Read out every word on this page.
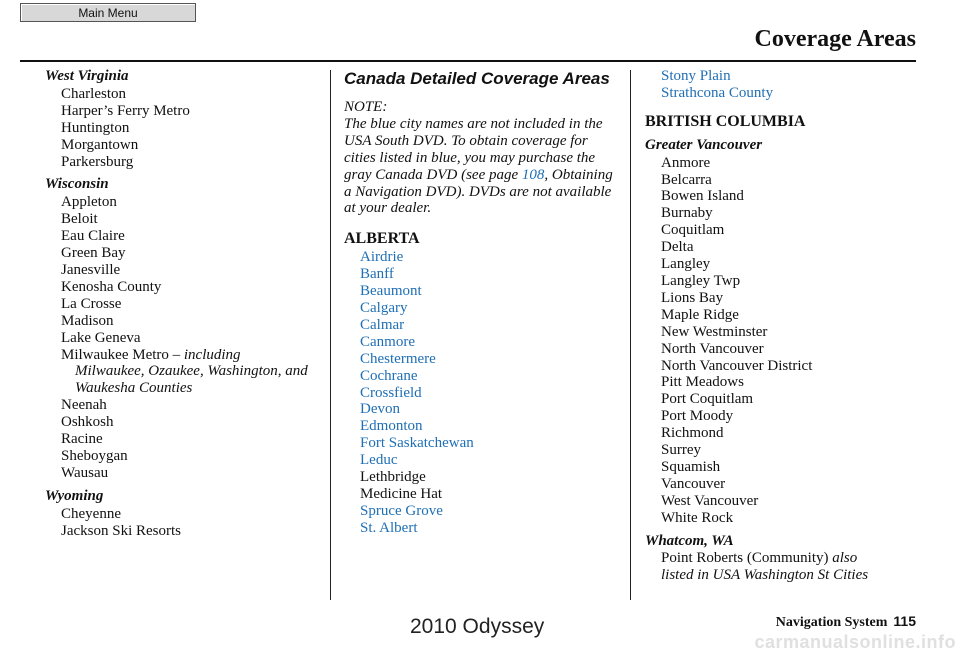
Main Menu
Coverage Areas
West Virginia
Charleston
Harper’s Ferry Metro
Huntington
Morgantown
Parkersburg
Wisconsin
Appleton
Beloit
Eau Claire
Green Bay
Janesville
Kenosha County
La Crosse
Madison
Lake Geneva
Milwaukee Metro – including
Milwaukee, Ozaukee, Washington, and Waukesha Counties
Neenah
Oshkosh
Racine
Sheboygan
Wausau
Wyoming
Cheyenne
Jackson Ski Resorts
Canada Detailed Coverage Areas
NOTE:
The blue city names are not included in the USA South DVD. To obtain coverage for cities listed in blue, you may purchase the gray Canada DVD (see page 108, Obtaining a Navigation DVD). DVDs are not available at your dealer.
ALBERTA
Airdrie
Banff
Beaumont
Calgary
Calmar
Canmore
Chestermere
Cochrane
Crossfield
Devon
Edmonton
Fort Saskatchewan
Leduc
Lethbridge
Medicine Hat
Spruce Grove
St. Albert
Stony Plain
Strathcona County
BRITISH COLUMBIA
Greater Vancouver
Anmore
Belcarra
Bowen Island
Burnaby
Coquitlam
Delta
Langley
Langley Twp
Lions Bay
Maple Ridge
New Westminster
North Vancouver
North Vancouver District
Pitt Meadows
Port Coquitlam
Port Moody
Richmond
Surrey
Squamish
Vancouver
West Vancouver
White Rock
Whatcom, WA
Point Roberts (Community) also
listed in USA Washington St Cities
Navigation System 115
2010 Odyssey
carmanualsonline.info
